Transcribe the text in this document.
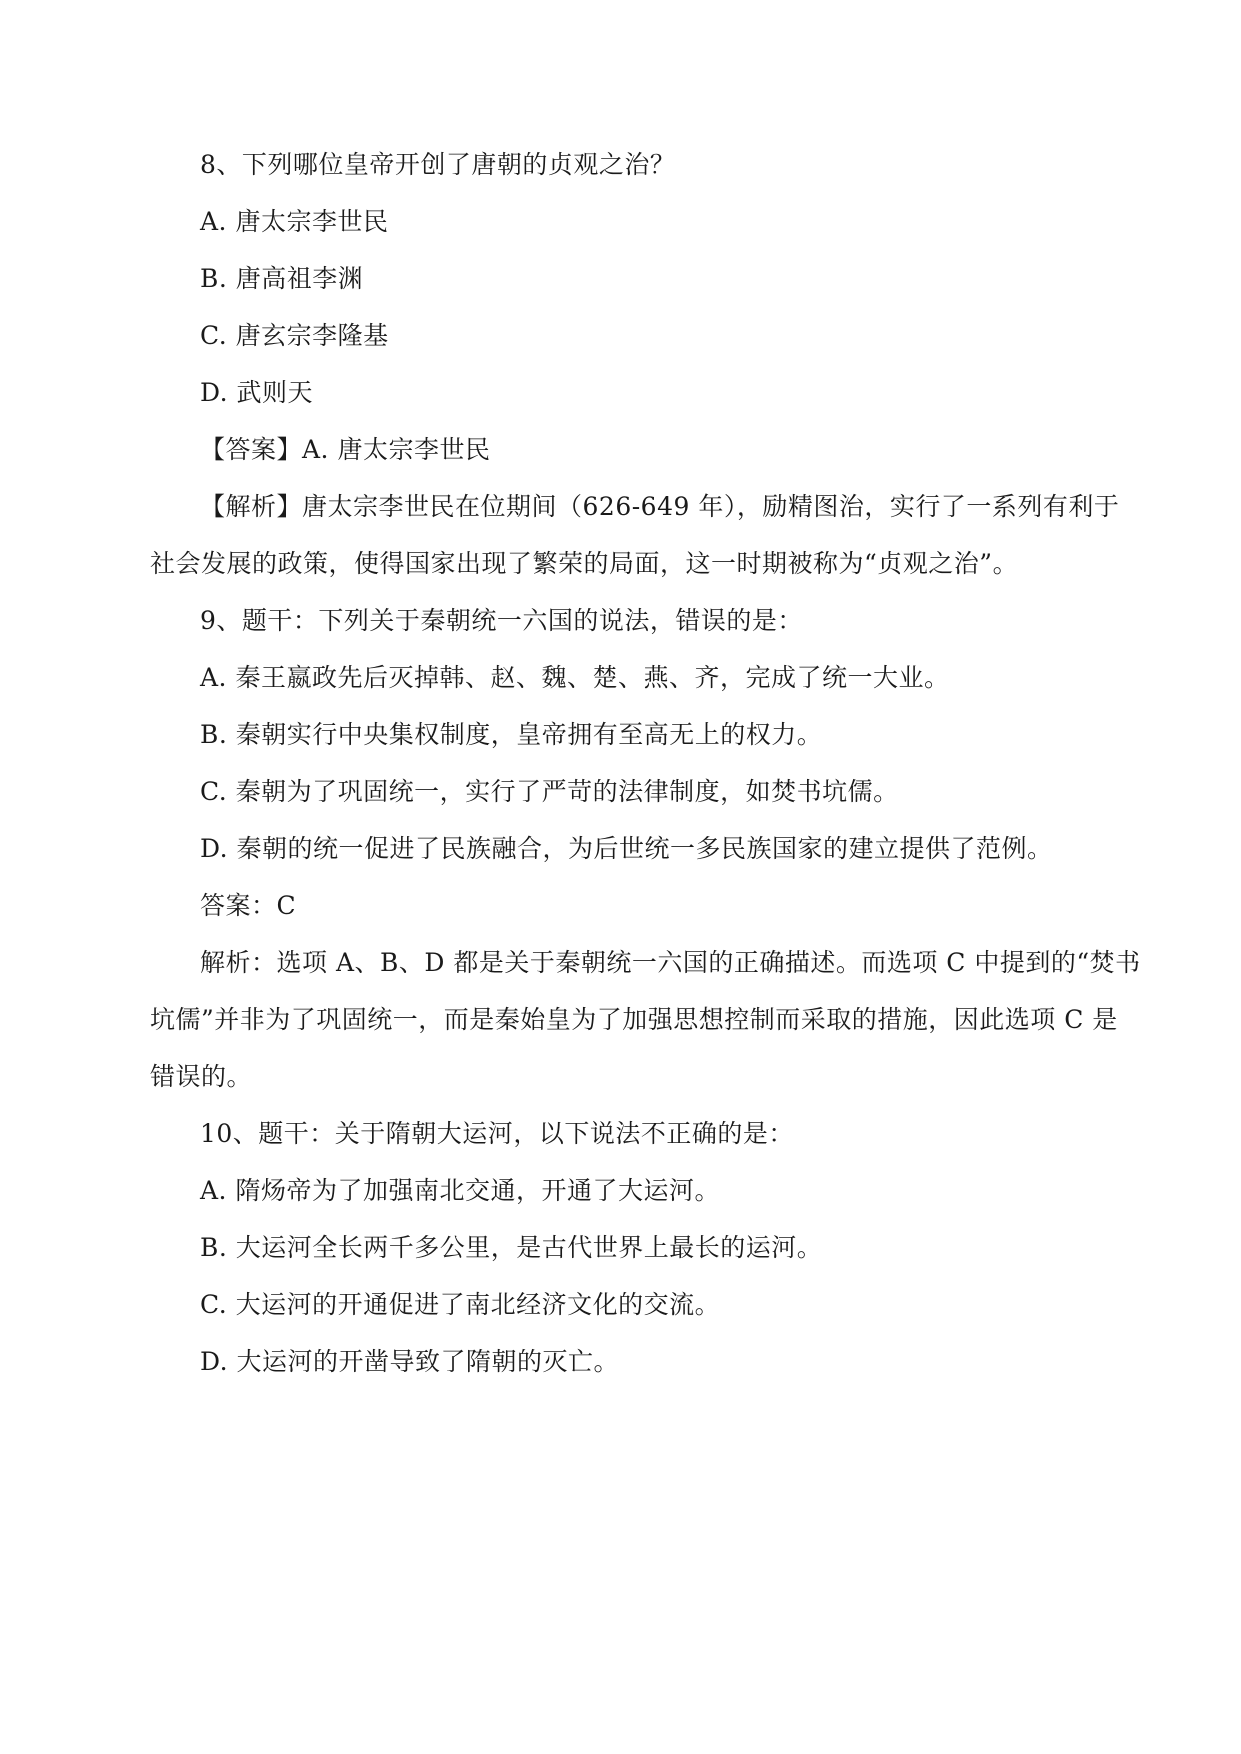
8、下列哪位皇帝开创了唐朝的贞观之治？
A. 唐太宗李世民
B. 唐高祖李渊
C. 唐玄宗李隆基
D. 武则天
【答案】A. 唐太宗李世民
【解析】唐太宗李世民在位期间（626-649 年），励精图治，实行了一系列有利于
社会发展的政策，使得国家出现了繁荣的局面，这一时期被称为“贞观之治”。
9、题干：下列关于秦朝统一六国的说法，错误的是：
A. 秦王嬴政先后灭掉韩、赵、魏、楚、燕、齐，完成了统一大业。
B. 秦朝实行中央集权制度，皇帝拥有至高无上的权力。
C. 秦朝为了巩固统一，实行了严苛的法律制度，如焚书坑儒。
D. 秦朝的统一促进了民族融合，为后世统一多民族国家的建立提供了范例。
答案：C
解析：选项 A、B、D 都是关于秦朝统一六国的正确描述。而选项 C 中提到的“焚书
坑儒”并非为了巩固统一，而是秦始皇为了加强思想控制而采取的措施，因此选项 C 是
错误的。
10、题干：关于隋朝大运河，以下说法不正确的是：
A. 隋炀帝为了加强南北交通，开通了大运河。
B. 大运河全长两千多公里，是古代世界上最长的运河。
C. 大运河的开通促进了南北经济文化的交流。
D. 大运河的开凿导致了隋朝的灭亡。
